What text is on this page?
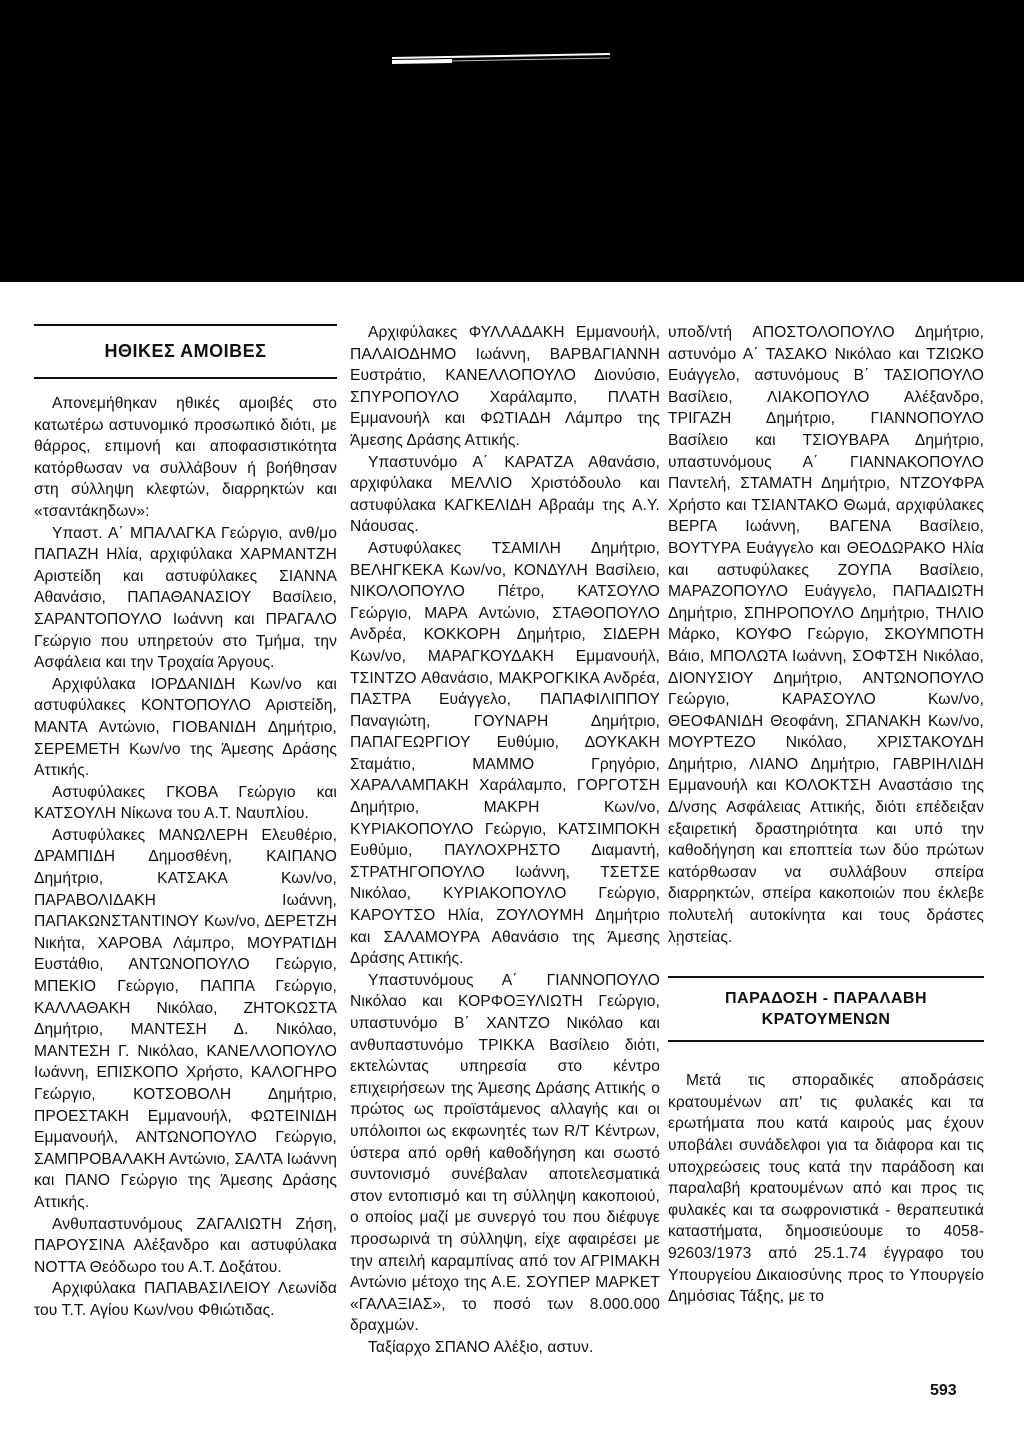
ΗΘΙΚΕΣ ΑΜΟΙΒΕΣ

Απονεμήθηκαν ηθικές αμοιβές στο κατωτέρω αστυνομικό προσωπικό διότι, με θάρρος, επιμονή και αποφασιστικότητα κατόρθωσαν να συλλάβουν ή βοήθησαν στη σύλληψη κλεφτών, διαρρηκτών και «τσαντάκηδων»:

Υπαστ. Α΄ ΜΠΑΛΑΓΚΑ Γεώργιο, ανθ/μο ΠΑΠΑΖΗ Ηλία, αρχιφύλακα ΧΑΡΜΑΝΤΖΗ Αριστείδη και αστυφύλακες ΣΙΑΝΝΑ Αθανάσιο, ΠΑΠΑΘΑΝΑΣΙΟΥ Βασίλειο, ΣΑΡΑΝΤΟΠΟΥΛΟ Ιωάννη και ΠΡΑΓΑΛΟ Γεώργιο που υπηρετούν στο Τμήμα, την Ασφάλεια και την Τροχαία Άργους.

Αρχιφύλακα ΙΟΡΔΑΝΙΔΗ Κων/νο και αστυφύλακες ΚΟΝΤΟΠΟΥΛΟ Αριστείδη, ΜΑΝΤΑ Αντώνιο, ΓΙΟΒΑΝΙΔΗ Δημήτριο, ΣΕΡΕΜΕΤΗ Κων/νο της Άμεσης Δράσης Αττικής.

Αστυφύλακες ΓΚΟΒΑ Γεώργιο και ΚΑΤΣΟΥΛΗ Νίκωνα του Α.Τ. Ναυπλίου.

Αστυφύλακες ΜΑΝΩΛΕΡΗ Ελευθέριο, ΔΡΑΜΠΙΔΗ Δημοσθένη, ΚΑΙΠΑΝΟ Δημήτριο, ΚΑΤΣΑΚΑ Κων/νο, ΠΑΡΑΒΟΛΙΔΑΚΗ Ιωάννη, ΠΑΠΑΚΩΝΣΤΑΝΤΙΝΟΥ Κων/νο, ΔΕΡΕΤΖΗ Νικήτα, ΧΑΡΟΒΑ Λάμπρο, ΜΟΥΡΑΤΙΔΗ Ευστάθιο, ΑΝΤΩΝΟΠΟΥΛΟ Γεώργιο, ΜΠΕΚΙΟ Γεώργιο, ΠΑΠΠΑ Γεώργιο, ΚΑΛΛΑΘΑΚΗ Νικόλαο, ΖΗΤΟΚΩΣΤΑ Δημήτριο, ΜΑΝΤΕΣΗ Δ. Νικόλαο, ΜΑΝΤΕΣΗ Γ. Νικόλαο, ΚΑΝΕΛΛΟΠΟΥΛΟ Ιωάννη, ΕΠΙΣΚΟΠΟ Χρήστο, ΚΑΛΟΓΗΡΟ Γεώργιο, ΚΟΤΣΟΒΟΛΗ Δημήτριο, ΠΡΟΕΣΤΑΚΗ Εμμανουήλ, ΦΩΤΕΙΝΙΔΗ Εμμανουήλ, ΑΝΤΩΝΟΠΟΥΛΟ Γεώργιο, ΣΑΜΠΡΟΒΑΛΑΚΗ Αντώνιο, ΣΑΛΤΑ Ιωάννη και ΠΑΝΟ Γεώργιο της Άμεσης Δράσης Αττικής.

Ανθυπαστυνόμους ΖΑΓΑΛΙΩΤΗ Ζήση, ΠΑΡΟΥΣΙΝΑ Αλέξανδρο και αστυφύλακα ΝΟΤΤΑ Θεόδωρο του Α.Τ. Δοξάτου.

Αρχιφύλακα ΠΑΠΑΒΑΣΙΛΕΙΟΥ Λεωνίδα του Τ.Τ. Αγίου Κων/νου Φθιώτιδας.

Αρχιφύλακες ΦΥΛΛΑΔΑΚΗ Εμμανουήλ, ΠΑΛΑΙΟΔΗΜΟ Ιωάννη, ΒΑΡΒΑΓΙΑΝΝΗ Ευστράτιο, ΚΑΝΕΛΛΟΠΟΥΛΟ Διονύσιο, ΣΠΥΡΟΠΟΥΛΟ Χαράλαμπο, ΠΛΑΤΗ Εμμανουήλ και ΦΩΤΙΑΔΗ Λάμπρο της Άμεσης Δράσης Αττικής.

Υπαστυνόμο Α΄ ΚΑΡΑΤΖΑ Αθανάσιο, αρχιφύλακα ΜΕΛΛΙΟ Χριστόδουλο και αστυφύλακα ΚΑΓΚΕΛΙΔΗ Αβραάμ της Α.Υ. Νάουσας.

Αστυφύλακες ΤΣΑΜΙΛΗ Δημήτριο, ΒΕΛΗΓΚΕΚΑ Κων/νο, ΚΟΝΔΥΛΗ Βασίλειο, ΝΙΚΟΛΟΠΟΥΛΟ Πέτρο, ΚΑΤΣΟΥΛΟ Γεώργιο, ΜΑΡΑ Αντώνιο, ΣΤΑΘΟΠΟΥΛΟ Ανδρέα, ΚΟΚΚΟΡΗ Δημήτριο, ΣΙΔΕΡΗ Κων/νο, ΜΑΡΑΓΚΟΥΔΑΚΗ Εμμανουήλ, ΤΣΙΝΤΖΟ Αθανάσιο, ΜΑΚΡΟΓΚΙΚΑ Ανδρέα, ΠΑΣΤΡΑ Ευάγγελο, ΠΑΠΑΦΙΛΙΠΠΟΥ Παναγιώτη, ΓΟΥΝΑΡΗ Δημήτριο, ΠΑΠΑΓΕΩΡΓΙΟΥ Ευθύμιο, ΔΟΥΚΑΚΗ Σταμάτιο, ΜΑΜΜΟ Γρηγόριο, ΧΑΡΑΛΑΜΠΑΚΗ Χαράλαμπο, ΓΟΡΓΟΤΣΗ Δημήτριο, ΜΑΚΡΗ Κων/νο, ΚΥΡΙΑΚΟΠΟΥΛΟ Γεώργιο, ΚΑΤΣΙΜΠΟΚΗ Ευθύμιο, ΠΑΥΛΟΧΡΗΣΤΟ Διαμαντή, ΣΤΡΑΤΗΓΟΠΟΥΛΟ Ιωάννη, ΤΣΕΤΣΕ Νικόλαο, ΚΥΡΙΑΚΟΠΟΥΛΟ Γεώργιο, ΚΑΡΟΥΤΣΟ Ηλία, ΖΟΥΛΟΥΜΗ Δημήτριο και ΣΑΛΑΜΟΥΡΑ Αθανάσιο της Άμεσης Δράσης Αττικής.

Υπαστυνόμους Α΄ ΓΙΑΝΝΟΠΟΥΛΟ Νικόλαο και ΚΟΡΦΟΞΥΛΙΩΤΗ Γεώργιο, υπαστυνόμο Β΄ ΧΑΝΤΖΟ Νικόλαο και ανθυπαστυνόμο ΤΡΙΚΚΑ Βασίλειο διότι, εκτελώντας υπηρεσία στο κέντρο επιχειρήσεων της Άμεσης Δράσης Αττικής ο πρώτος ως προϊστάμενος αλλαγής και οι υπόλοιποι ως εκφωνητές των R/T Κέντρων, ύστερα από ορθή καθοδήγηση και σωστό συντονισμό συνέβαλαν αποτελεσματικά στον εντοπισμό και τη σύλληψη κακοποιού, ο οποίος μαζί με συνεργό του που διέφυγε προσωρινά τη σύλληψη, είχε αφαιρέσει με την απειλή καραμπίνας από τον ΑΓΡΙΜΑΚΗ Αντώνιο μέτοχο της Α.Ε. ΣΟΥΠΕΡ ΜΑΡΚΕΤ «ΓΑΛΑΞΙΑΣ», το ποσό των 8.000.000 δραχμών.

Ταξίαρχο ΣΠΑΝΟ Αλέξιο, αστυν.

υποδ/ντή ΑΠΟΣΤΟΛΟΠΟΥΛΟ Δημήτριο, αστυνόμο Α΄ ΤΑΣΑΚΟ Νικόλαο και ΤΖΙΩΚΟ Ευάγγελο, αστυνόμους Β΄ ΤΑΣΙΟΠΟΥΛΟ Βασίλειο, ΛΙΑΚΟΠΟΥΛΟ Αλέξανδρο, ΤΡΙΓΑΖΗ Δημήτριο, ΓΙΑΝΝΟΠΟΥΛΟ Βασίλειο και ΤΣΙΟΥΒΑΡΑ Δημήτριο, υπαστυνόμους Α΄ ΓΙΑΝΝΑΚΟΠΟΥΛΟ Παντελή, ΣΤΑΜΑΤΗ Δημήτριο, ΝΤΖΟΥΦΡΑ Χρήστο και ΤΣΙΑΝΤΑΚΟ Θωμά, αρχιφύλακες ΒΕΡΓΑ Ιωάννη, ΒΑΓΕΝΑ Βασίλειο, ΒΟΥΤΥΡΑ Ευάγγελο και ΘΕΟΔΩΡΑΚΟ Ηλία και αστυφύλακες ΖΟΥΠΑ Βασίλειο, ΜΑΡΑΖΟΠΟΥΛΟ Ευάγγελο, ΠΑΠΑΔΙΩΤΗ Δημήτριο, ΣΠΗΡΟΠΟΥΛΟ Δημήτριο, ΤΗΛΙΟ Μάρκο, ΚΟΥΦΟ Γεώργιο, ΣΚΟΥΜΠΟΤΗ Βάιο, ΜΠΟΛΩΤΑ Ιωάννη, ΣΟΦΤΣΗ Νικόλαο, ΔΙΟΝΥΣΙΟΥ Δημήτριο, ΑΝΤΩΝΟΠΟΥΛΟ Γεώργιο, ΚΑΡΑΣΟΥΛΟ Κων/νο, ΘΕΟΦΑΝΙΔΗ Θεοφάνη, ΣΠΑΝΑΚΗ Κων/νο, ΜΟΥΡΤΕΖΟ Νικόλαο, ΧΡΙΣΤΑΚΟΥΔΗ Δημήτριο, ΛΙΑΝΟ Δημήτριο, ΓΑΒΡΙΗΛΙΔΗ Εμμανουήλ και ΚΟΛΟΚΤΣΗ Αναστάσιο της Δ/νσης Ασφάλειας Αττικής, διότι επέδειξαν εξαιρετική δραστηριότητα και υπό την καθοδήγηση και εποπτεία των δύο πρώτων κατόρθωσαν να συλλάβουν σπείρα διαρρηκτών, σπείρα κακοποιών που έκλεβε πολυτελή αυτοκίνητα και τους δράστες λῃστείας.

ΠΑΡΑΔΟΣΗ - ΠΑΡΑΛΑΒΗ
ΚΡΑΤΟΥΜΕΝΩΝ

Μετά τις σποραδικές αποδράσεις κρατουμένων απ' τις φυλακές και τα ερωτήματα που κατά καιρούς μας έχουν υποβάλει συνάδελφοι για τα διάφορα και τις υποχρεώσεις τους κατά την παράδοση και παραλαβή κρατουμένων από και προς τις φυλακές και τα σωφρονιστικά - θεραπευτικά καταστήματα, δημοσιεύουμε το 4058-92603/1973 από 25.1.74 έγγραφο του Υπουργείου Δικαιοσύνης προς το Υπουργείο Δημόσιας Τάξης, με το

593
